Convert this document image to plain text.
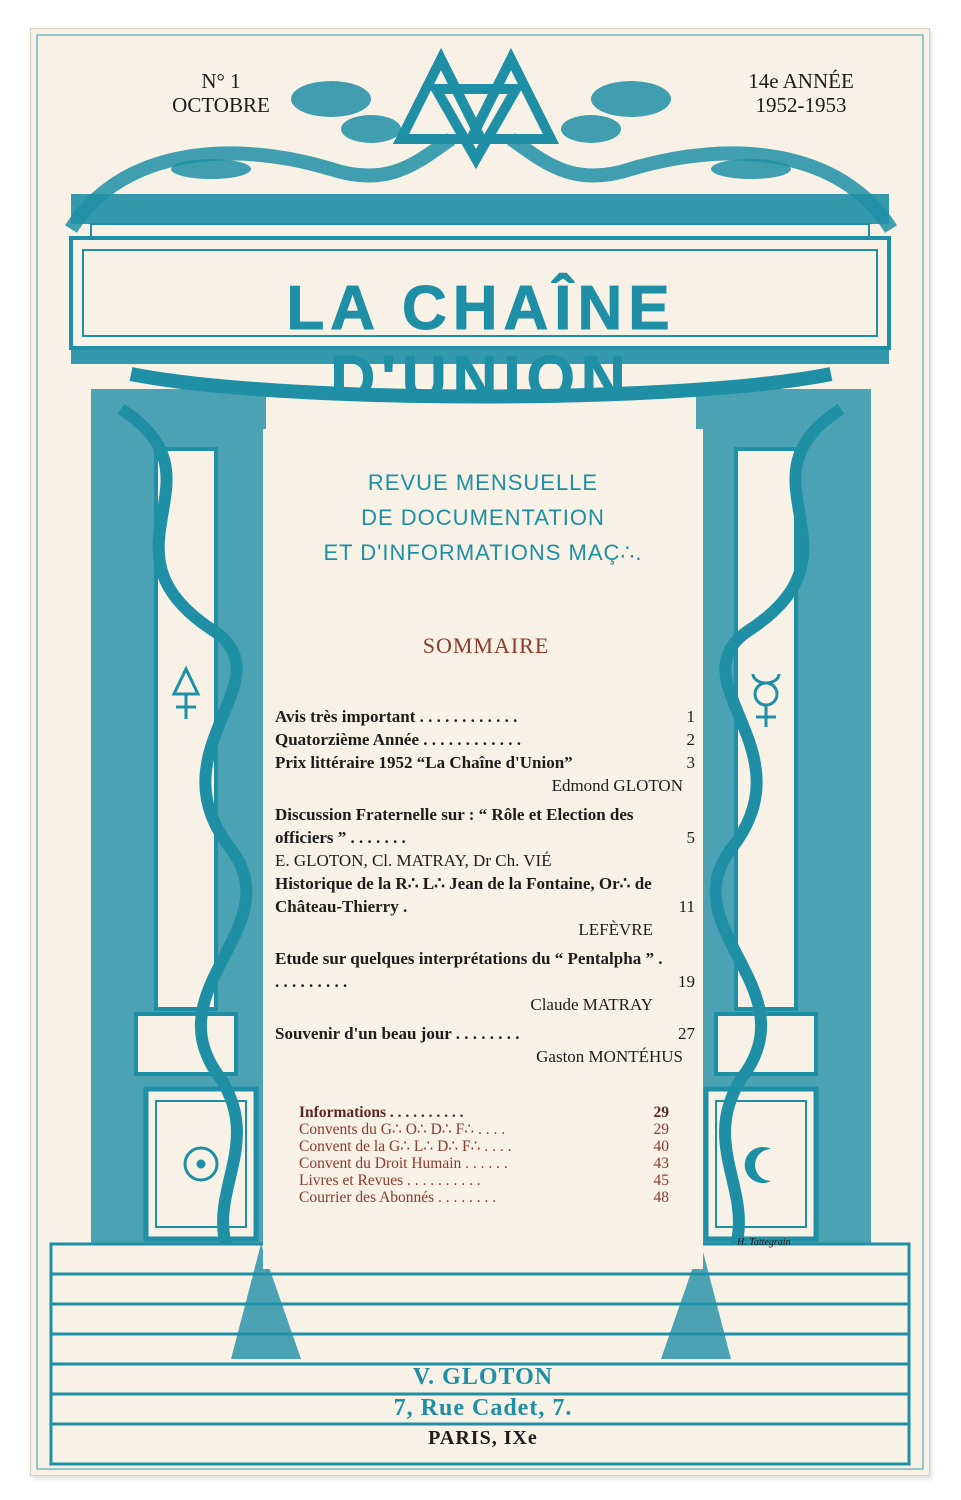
N° 1
OCTOBRE
14e ANNÉE
1952-1953
LA CHAÎNE D'UNION
REVUE MENSUELLE
DE DOCUMENTATION
ET D'INFORMATIONS MAÇ∴.
SOMMAIRE
Avis très important . . . . . . . . . . . .	1
Quatorzième Année . . . . . . . . . . . .	2
Prix littéraire 1952 “La Chaîne d'Union”	3
Edmond GLOTON
Discussion Fraternelle sur : “ Rôle et Election des officiers ” . . . . . . .	5
E. GLOTON, Cl. MATRAY, Dr Ch. VIÉ
Historique de la R∴ L∴ Jean de la Fontaine, Or∴ de Château-Thierry .	11
LEFÈVRE
Etude sur quelques interprétations du “ Pentalpha ” . . . . . . . . . .	19
Claude MATRAY
Souvenir d'un beau jour . . . . . . . .	27
Gaston MONTÉHUS
Informations . . . . . . . . . .	29
Convents du G∴ O∴ D∴ F∴ . . . .	29
Convent de la G∴ L∴ D∴ F∴ . . . .	40
Convent du Droit Humain . . . . . .	43
Livres et Revues . . . . . . . . . .	45
Courrier des Abonnés . . . . . . . .	48
H. Tattegrain
V. GLOTON
7, Rue Cadet, 7.
PARIS, IXe
